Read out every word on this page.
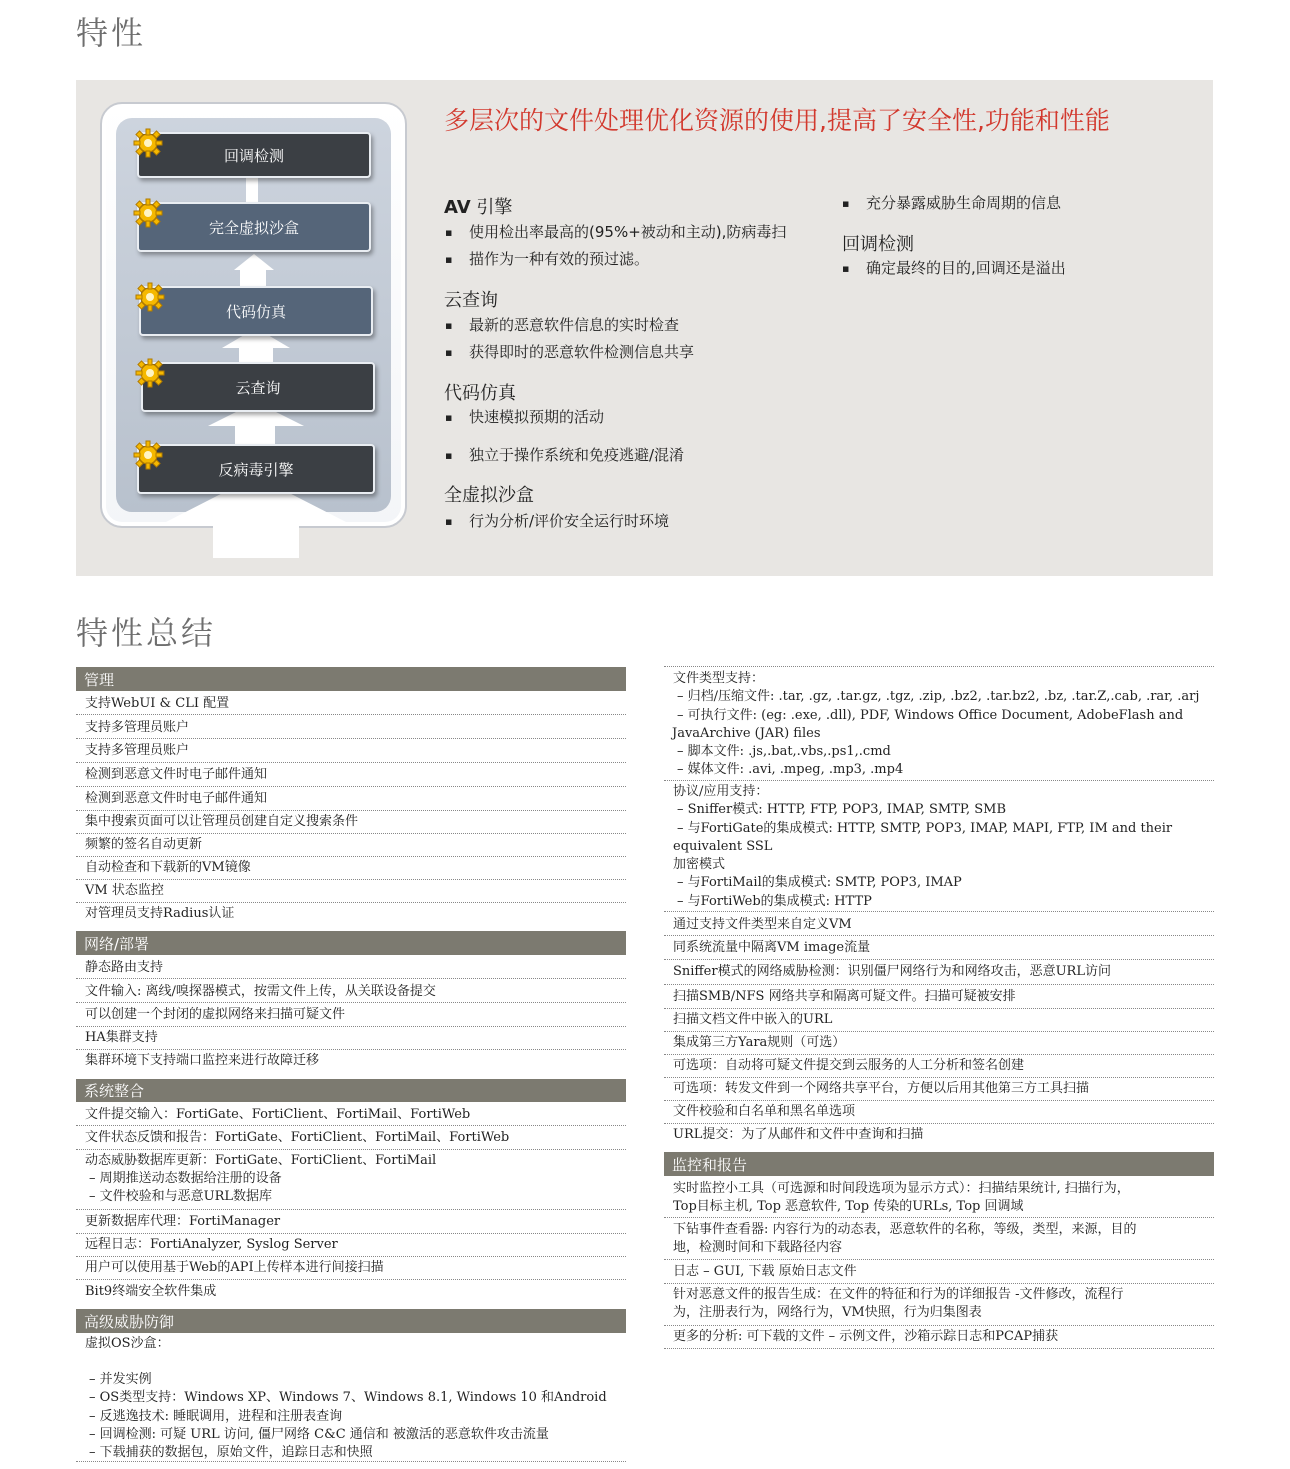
特性
回调检测
完全虚拟沙盒
代码仿真
云查询
反病毒引擎
多层次的文件处理优化资源的使用,提高了安全性,功能和性能
AV 引擎
▪ 使用检出率最高的(95%+被动和主动),防病毒扫
▪ 描作为一种有效的预过滤。
云查询
▪ 最新的恶意软件信息的实时检查
▪ 获得即时的恶意软件检测信息共享
代码仿真
▪ 快速模拟预期的活动
▪ 独立于操作系统和免疫逃避/混淆
全虚拟沙盒
▪ 行为分析/评价安全运行时环境
▪ 充分暴露威胁生命周期的信息
回调检测
▪ 确定最终的目的,回调还是溢出
特性总结
管理
支持WebUI & CLI 配置
支持多管理员账户
支持多管理员账户
检测到恶意文件时电子邮件通知
检测到恶意文件时电子邮件通知
集中搜索页面可以让管理员创建自定义搜索条件
频繁的签名自动更新
自动检查和下载新的VM镜像
VM 状态监控
对管理员支持Radius认证
网络/部署
静态路由支持
文件输入: 离线/嗅探器模式，按需文件上传，从关联设备提交
可以创建一个封闭的虚拟网络来扫描可疑文件
HA集群支持
集群环境下支持端口监控来进行故障迁移
系统整合
文件提交输入：FortiGate、FortiClient、FortiMail、FortiWeb
文件状态反馈和报告：FortiGate、FortiClient、FortiMail、FortiWeb
动态威胁数据库更新：FortiGate、FortiClient、FortiMail
– 周期推送动态数据给注册的设备
– 文件校验和与恶意URL数据库
更新数据库代理：FortiManager
远程日志：FortiAnalyzer, Syslog Server
用户可以使用基于Web的API上传样本进行间接扫描
Bit9终端安全软件集成
高级威胁防御
虚拟OS沙盒：
– 并发实例
– OS类型支持：Windows XP、Windows 7、Windows 8.1, Windows 10 和Android
– 反逃逸技术: 睡眠调用，进程和注册表查询
– 回调检测: 可疑 URL 访问, 僵尸网络 C&C 通信和 被激活的恶意软件攻击流量
– 下载捕获的数据包，原始文件，追踪日志和快照
文件类型支持：
– 归档/压缩文件: .tar, .gz, .tar.gz, .tgz, .zip, .bz2, .tar.bz2, .bz, .tar.Z,.cab, .rar, .arj
– 可执行文件: (eg: .exe, .dll), PDF, Windows Office Document, AdobeFlash and
JavaArchive (JAR) files
– 脚本文件: .js,.bat,.vbs,.ps1,.cmd
– 媒体文件: .avi, .mpeg, .mp3, .mp4
协议/应用支持：
– Sniffer模式: HTTP, FTP, POP3, IMAP, SMTP, SMB
– 与FortiGate的集成模式: HTTP, SMTP, POP3, IMAP, MAPI, FTP, IM and their
equivalent SSL
加密模式
– 与FortiMail的集成模式: SMTP, POP3, IMAP
– 与FortiWeb的集成模式: HTTP
通过支持文件类型来自定义VM
同系统流量中隔离VM image流量
Sniffer模式的网络威胁检测：识别僵尸网络行为和网络攻击，恶意URL访问
扫描SMB/NFS 网络共享和隔离可疑文件。扫描可疑被安排
扫描文档文件中嵌入的URL
集成第三方Yara规则（可选）
可选项：自动将可疑文件提交到云服务的人工分析和签名创建
可选项：转发文件到一个网络共享平台，方便以后用其他第三方工具扫描
文件校验和白名单和黑名单选项
URL提交：为了从邮件和文件中查询和扫描
监控和报告
实时监控小工具（可选源和时间段选项为显示方式）：扫描结果统计, 扫描行为，
Top目标主机, Top 恶意软件, Top 传染的URLs, Top 回调域
下钻事件查看器: 内容行为的动态表，恶意软件的名称，等级，类型，来源，目的
地，检测时间和下载路径内容
日志 – GUI, 下载 原始日志文件
针对恶意文件的报告生成：在文件的特征和行为的详细报告 -文件修改，流程行
为，注册表行为，网络行为，VM快照，行为归集图表
更多的分析: 可下载的文件 – 示例文件，沙箱示踪日志和PCAP捕获
